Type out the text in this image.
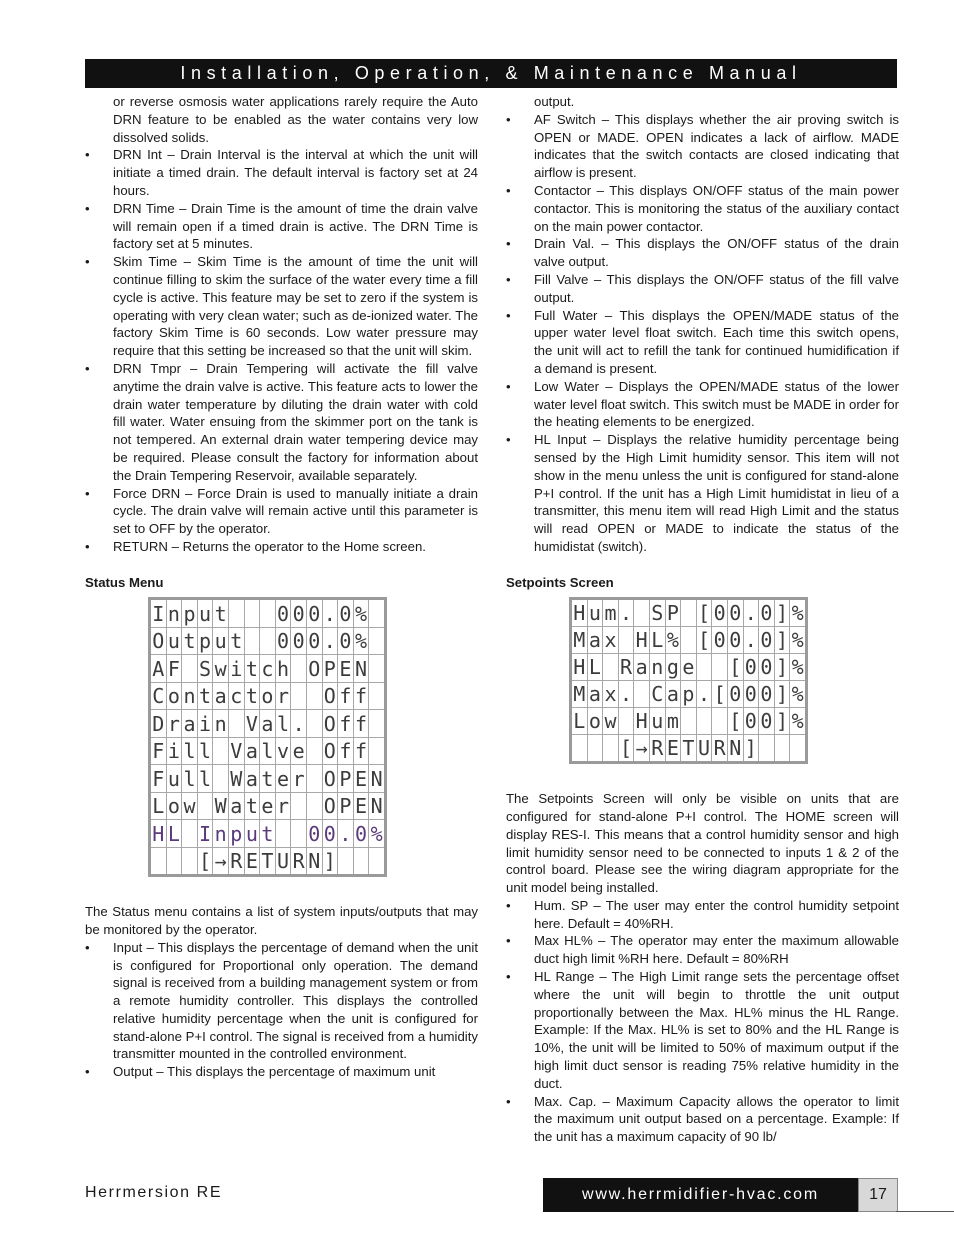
Installation, Operation, & Maintenance Manual

or reverse osmosis water applications rarely require the Auto DRN feature to be enabled as the water contains very low dissolved solids.

•	DRN Int – Drain Interval is the interval at which the unit will initiate a timed drain. The default interval is factory set at 24 hours.

•	DRN Time – Drain Time is the amount of time the drain valve will remain open if a timed drain is active. The DRN Time is factory set at 5 minutes.

•	Skim Time – Skim Time is the amount of time the unit will continue filling to skim the surface of the water every time a fill cycle is active. This feature may be set to zero if the system is operating with very clean water; such as de-ionized water. The factory Skim Time is 60 seconds. Low water pressure may require that this setting be increased so that the unit will skim.

•	DRN Tmpr – Drain Tempering will activate the fill valve anytime the drain valve is active. This feature acts to lower the drain water temperature by diluting the drain water with cold fill water. Water ensuing from the skimmer port on the tank is not tempered. An external drain water tempering device may be required. Please consult the factory for information about the Drain Tempering Reservoir, available separately.

•	Force DRN – Force Drain is used to manually initiate a drain cycle. The drain valve will remain active until this parameter is set to OFF by the operator.

•	RETURN – Returns the operator to the Home screen.

Status Menu

I	n	p	u	t				0	0	0	.	0	%	
O	u	t	p	u	t			0	0	0	.	0	%	
A	F		S	w	i	t	c	h		O	P	E	N	
C	o	n	t	a	c	t	o	r			O	f	f	
D	r	a	i	n		V	a	l	.		O	f	f	
F	i	l	l		V	a	l	v	e		O	f	f	
F	u	l	l		W	a	t	e	r		O	P	E	N
L	o	w		W	a	t	e	r			O	P	E	N
H	L		I	n	p	u	t			0	0	.	0	%
			[	→	R	E	T	U	R	N	]			

The Status menu contains a list of system inputs/outputs that may be monitored by the operator.

•	Input – This displays the percentage of demand when the unit is configured for Proportional only operation. The demand signal is received from a building management system or from a remote humidity controller. This displays the controlled relative humidity percentage when the unit is configured for stand-alone P+I control. The signal is received from a humidity transmitter mounted in the controlled environment.

•	Output – This displays the percentage of maximum unit

output.

•	AF Switch – This displays whether the air proving switch is OPEN or MADE. OPEN indicates a lack of airflow. MADE indicates that the switch contacts are closed indicating that airflow is present.

•	Contactor – This displays ON/OFF status of the main power contactor. This is monitoring the status of the auxiliary contact on the main power contactor.

•	Drain Val. – This displays the ON/OFF status of the drain valve output.

•	Fill Valve – This displays the ON/OFF status of the fill valve output.

•	Full Water – This displays the OPEN/MADE status of the upper water level float switch. Each time this switch opens, the unit will act to refill the tank for continued humidification if a demand is present.

•	Low Water – Displays the OPEN/MADE status of the lower water level float switch. This switch must be MADE in order for the heating elements to be energized.

•	HL Input – Displays the relative humidity percentage being sensed by the High Limit humidity sensor. This item will not show in the menu unless the unit is configured for stand-alone P+I control. If the unit has a High Limit humidistat in lieu of a transmitter, this menu item will read High Limit and the status will read OPEN or MADE to indicate the status of the humidistat (switch).

Setpoints Screen

H	u	m	.		S	P		[	0	0	.	0	]	%
M	a	x		H	L	%		[	0	0	.	0	]	%
H	L		R	a	n	g	e			[	0	0	]	%
M	a	x	.		C	a	p	.	[	0	0	0	]	%
L	o	w		H	u	m				[	0	0	]	%
			[	→	R	E	T	U	R	N	]			

The Setpoints Screen will only be visible on units that are configured for stand-alone P+I control. The HOME screen will display RES-I. This means that a control humidity sensor and high limit humidity sensor need to be connected to inputs 1 & 2 of the control board. Please see the wiring diagram appropriate for the unit model being installed.

•	Hum. SP – The user may enter the control humidity setpoint here. Default = 40%RH.

•	Max HL% – The operator may enter the maximum allowable duct high limit %RH here. Default = 80%RH

•	HL Range – The High Limit range sets the percentage offset where the unit will begin to throttle the unit output proportionally between the Max. HL% minus the HL Range. Example: If the Max. HL% is set to 80% and the HL Range is 10%, the unit will be limited to 50% of maximum output if the high limit duct sensor is reading 75% relative humidity in the duct.

•	Max. Cap. – Maximum Capacity allows the operator to limit the maximum unit output based on a percentage. Example: If the unit has a maximum capacity of 90 lb/

Herrmersion RE	www.herrmidifier-hvac.com	17
